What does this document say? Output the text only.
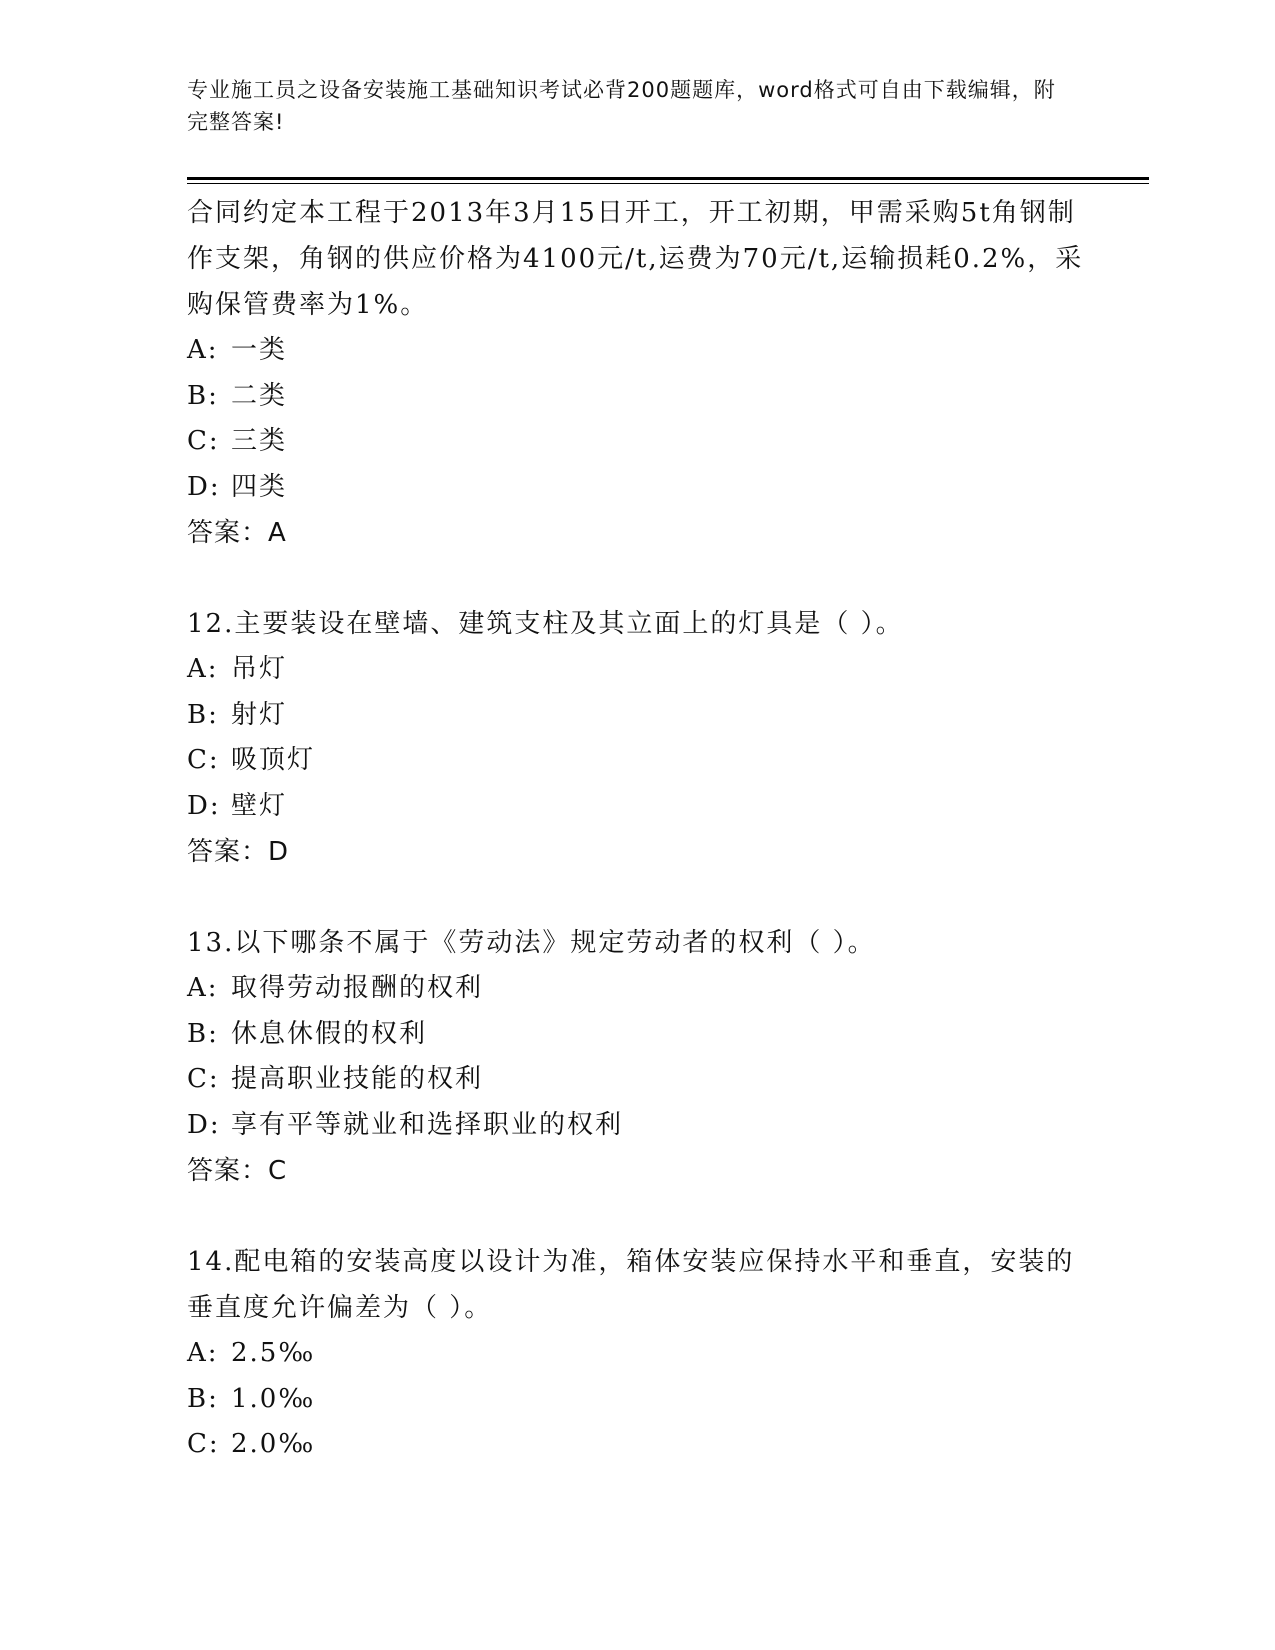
专业施工员之设备安装施工基础知识考试必背200题题库，word格式可自由下载编辑，附完整答案!
合同约定本工程于2013年3月15日开工，开工初期，甲需采购5t角钢制作支架，角钢的供应价格为4100元/t,运费为70元/t,运输损耗0.2%，采购保管费率为1%。
A: 一类
B: 二类
C: 三类
D: 四类
答案：A
12.主要装设在壁墙、建筑支柱及其立面上的灯具是（ ）。
A: 吊灯
B: 射灯
C: 吸顶灯
D: 壁灯
答案：D
13.以下哪条不属于《劳动法》规定劳动者的权利（ ）。
A: 取得劳动报酬的权利
B: 休息休假的权利
C: 提高职业技能的权利
D: 享有平等就业和选择职业的权利
答案：C
14.配电箱的安装高度以设计为准，箱体安装应保持水平和垂直，安装的垂直度允许偏差为（ ）。
A: 2.5‰
B: 1.0‰
C: 2.0‰
